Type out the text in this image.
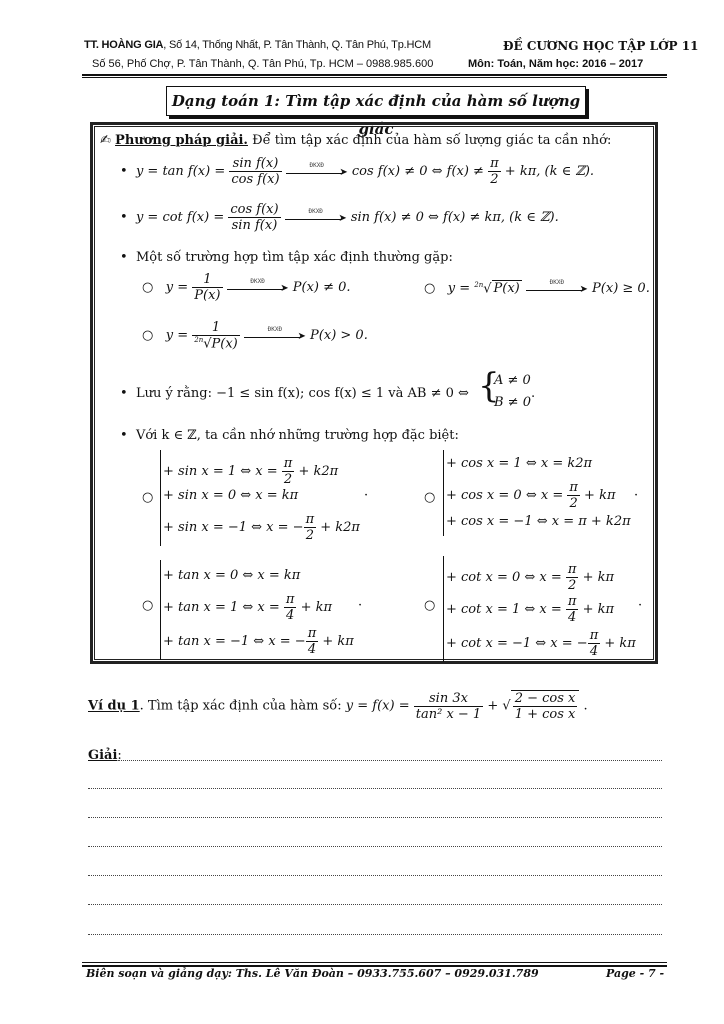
TT. HOÀNG GIA, Số 14, Thống Nhất, P. Tân Thành, Q. Tân Phú, Tp.HCM
Số 56, Phố Chợ, P. Tân Thành, Q. Tân Phú, Tp. HCM – 0988.985.600
ĐỀ CƯƠNG HỌC TẬP LỚP 11
Môn: Toán, Năm học: 2016 – 2017
Dạng toán 1: Tìm tập xác định của hàm số lượng giác
✍ Phương pháp giải. Để tìm tập xác định của hàm số lượng giác ta cần nhớ:
• $y = \tan f(x) = \frac{\text{sin f(x)}}{\text{cos f(x)}}$
	ĐKXĐ
➤ cos f(x) ≠ 0 ⇔ $f(x) \ne \frac{\pi}{2} + k\pi$, (k ∈ ℤ).
• $y = \cot f(x) = \frac{\text{cos f(x)}}{\text{sin f(x)}}$
	ĐKXĐ
➤ sin f(x) ≠ 0 ⇔ f(x) ≠ kπ, (k ∈ ℤ).
• Một số trường hợp tìm tập xác định thường gặp:
○ $y = \frac{1}{P(x)}$
	ĐKXĐ
➤ P(x) ≠ 0.	○ y = $^{2n}$√ P(x)	ĐKXĐ
➤ P(x) ≥ 0.
○ $y = \frac{1}{^{2n}√P(x)}$
	ĐKXĐ
➤ P(x) > 0.
• Lưu ý rằng: −1 ≤ sin f(x); cos f(x) ≤ 1 và AB ≠ 0 ⇔ {
A ≠ 0
B ≠ 0
.
• Với k ∈ ℤ, ta cần nhớ những trường hợp đặc biệt:
○
+ sin x = 1 ⇔ $x = \frac{\pi}{2} + k2\pi$
+ sin x = 0 ⇔ x = kπ
+ sin x = −1 ⇔ x = − $\frac{\pi}{2} + k2\pi$
·	○
+ cos x = 1 ⇔ x = k2π
+ cos x = 0 ⇔ $x = \frac{\pi}{2} + k\pi$
+ cos x = −1 ⇔ x = π + k2π
·
○
+ tan x = 0 ⇔ x = kπ
+ tan x = 1 ⇔ $x = \frac{\pi}{4} + k\pi$
+ tan x = −1 ⇔ x = − $\frac{\pi}{4} + k\pi$
·	○
+ cot x = 0 ⇔ $x = \frac{\pi}{2} + k\pi$
+ cot x = 1 ⇔ $x = \frac{\pi}{4} + k\pi$
+ cot x = −1 ⇔ x = − $\frac{\pi}{4} + k\pi$
·
Ví dụ 1. Tìm tập xác định của hàm số: $y = f(x) = \frac{\sin 3x}{\text{tan² x − 1}}$ + √ $\frac{\text{2 − cos x}}{\text{1 + cos x}}$ .
Giải:
Biên soạn và giảng dạy: Ths. Lê Văn Đoàn – 0933.755.607 – 0929.031.789	Page - 7 -
